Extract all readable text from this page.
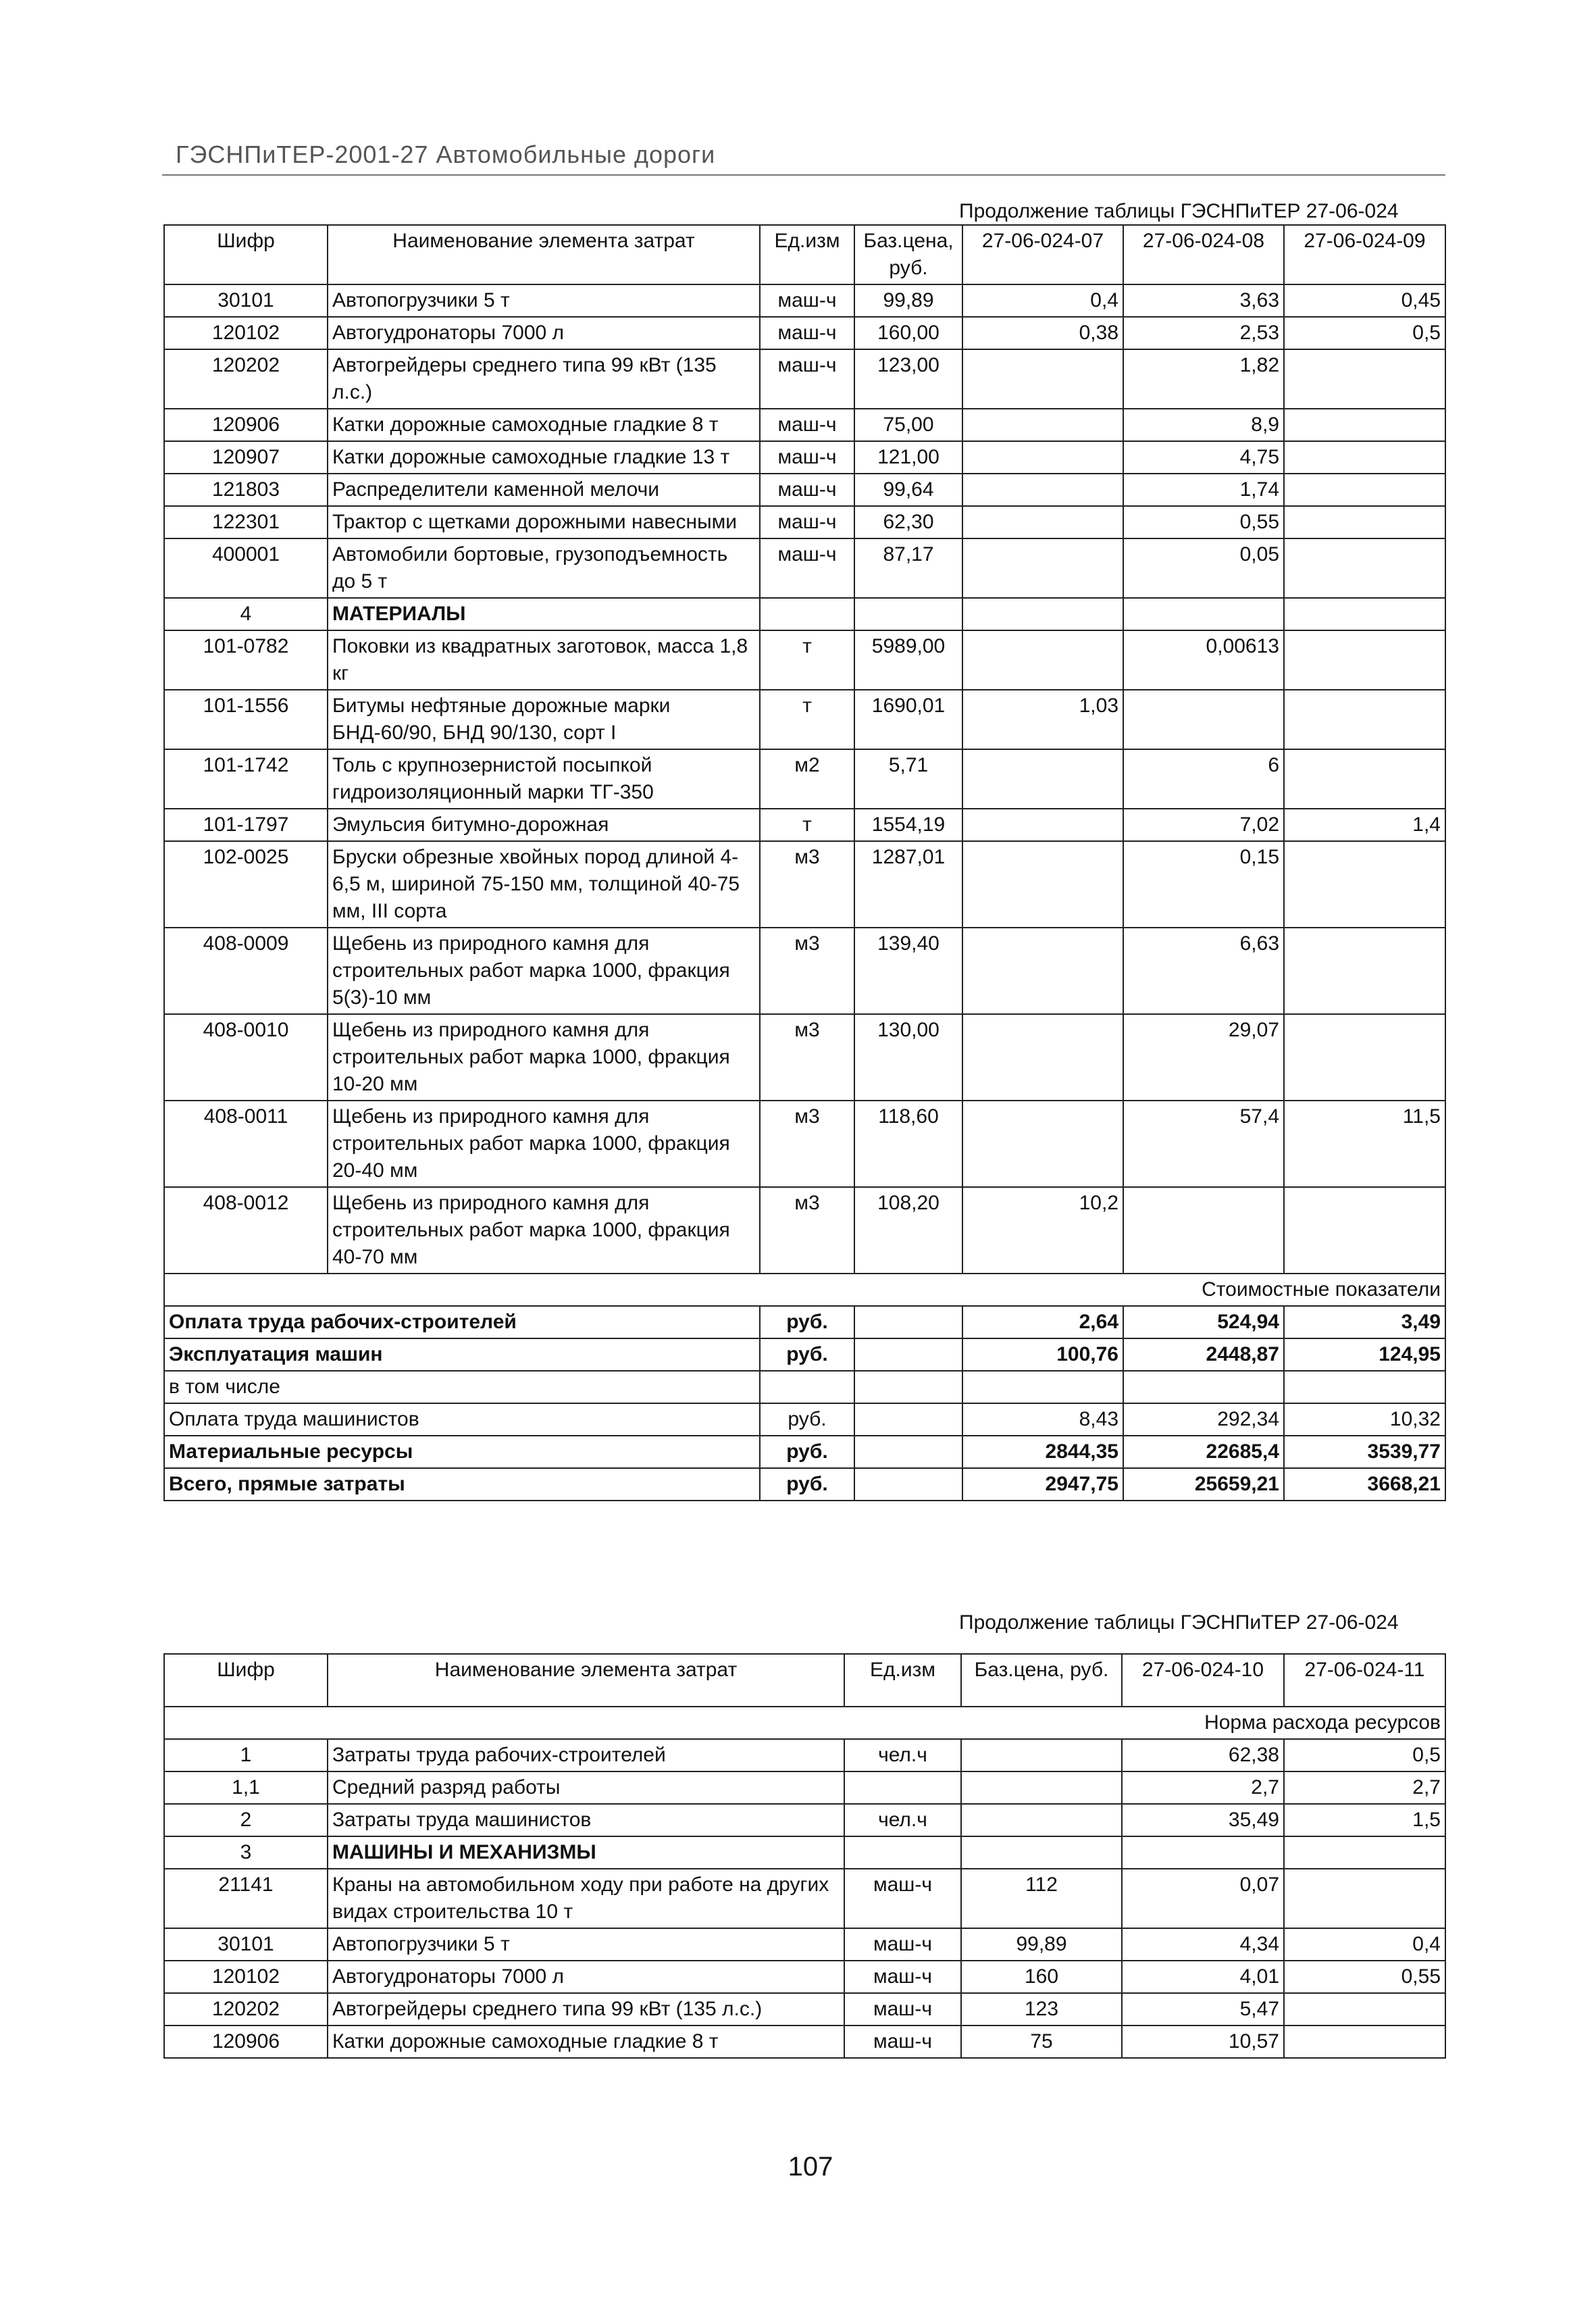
ГЭСНПиТЕР-2001-27 Автомобильные дороги
Продолжение таблицы ГЭСНПиТЕР 27-06-024
Шифр	Наименование элемента затрат	Ед.изм	Баз.цена, руб.	27-06-024-07	27-06-024-08	27-06-024-09
30101	Автопогрузчики 5 т	маш-ч	99,89	0,4	3,63	0,45
120102	Автогудронаторы 7000 л	маш-ч	160,00	0,38	2,53	0,5
120202	Автогрейдеры среднего типа 99 кВт (135 л.с.)	маш-ч	123,00		1,82	
120906	Катки дорожные самоходные гладкие 8 т	маш-ч	75,00		8,9	
120907	Катки дорожные самоходные гладкие 13 т	маш-ч	121,00		4,75	
121803	Распределители каменной мелочи	маш-ч	99,64		1,74	
122301	Трактор с щетками дорожными навесными	маш-ч	62,30		0,55	
400001	Автомобили бортовые, грузоподъемность до 5 т	маш-ч	87,17		0,05	
4	МАТЕРИАЛЫ					
101-0782	Поковки из квадратных заготовок, масса 1,8 кг	т	5989,00		0,00613	
101-1556	Битумы нефтяные дорожные марки БНД-60/90, БНД 90/130, сорт I	т	1690,01	1,03		
101-1742	Толь с крупнозернистой посыпкой гидроизоляционный марки ТГ-350	м2	5,71		6	
101-1797	Эмульсия битумно-дорожная	т	1554,19		7,02	1,4
102-0025	Бруски обрезные хвойных пород длиной 4-6,5 м, шириной 75-150 мм, толщиной 40-75 мм, III сорта	м3	1287,01		0,15	
408-0009	Щебень из природного камня для строительных работ марка 1000, фракция 5(3)-10 мм	м3	139,40		6,63	
408-0010	Щебень из природного камня для строительных работ марка 1000, фракция 10-20 мм	м3	130,00		29,07	
408-0011	Щебень из природного камня для строительных работ марка 1000, фракция 20-40 мм	м3	118,60		57,4	11,5
408-0012	Щебень из природного камня для строительных работ марка 1000, фракция 40-70 мм	м3	108,20	10,2		
Стоимостные показатели						
Оплата труда рабочих-строителей		руб.		2,64	524,94	3,49
Эксплуатация машин		руб.		100,76	2448,87	124,95
в том числе						
Оплата труда машинистов		руб.		8,43	292,34	10,32
Материальные ресурсы		руб.		2844,35	22685,4	3539,77
Всего, прямые затраты		руб.		2947,75	25659,21	3668,21
Продолжение таблицы ГЭСНПиТЕР 27-06-024
Шифр	Наименование элемента затрат	Ед.изм	Баз.цена, руб.	27-06-024-10	27-06-024-11
Норма расхода ресурсов					
1	Затраты труда рабочих-строителей	чел.ч		62,38	0,5
1,1	Средний разряд работы			2,7	2,7
2	Затраты труда машинистов	чел.ч		35,49	1,5
3	МАШИНЫ И МЕХАНИЗМЫ				
21141	Краны на автомобильном ходу при работе на других видах строительства 10 т	маш-ч	112	0,07	
30101	Автопогрузчики 5 т	маш-ч	99,89	4,34	0,4
120102	Автогудронаторы 7000 л	маш-ч	160	4,01	0,55
120202	Автогрейдеры среднего типа 99 кВт (135 л.с.)	маш-ч	123	5,47	
120906	Катки дорожные самоходные гладкие 8 т	маш-ч	75	10,57	
107
